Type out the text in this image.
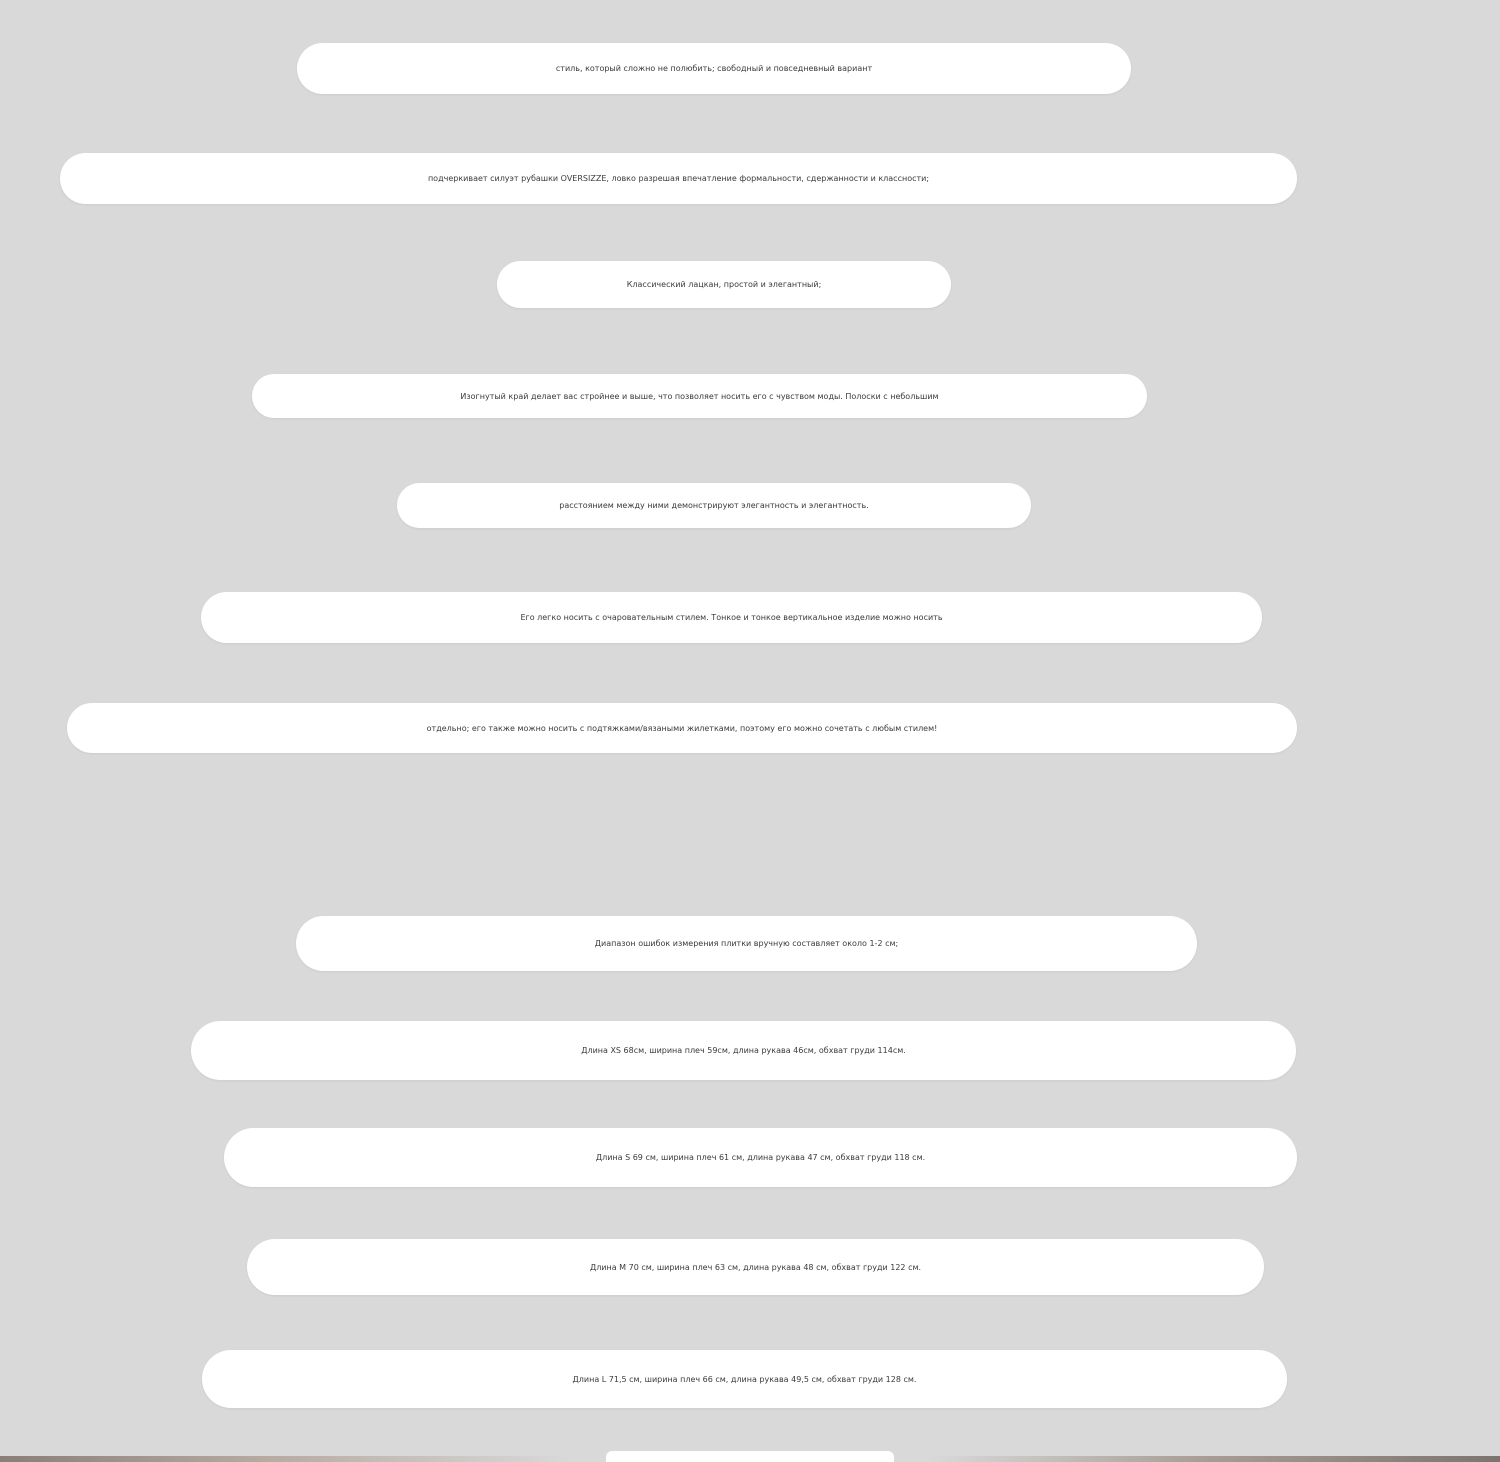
стиль, который сложно не полюбить; свободный и повседневный вариант
подчеркивает силуэт рубашки OVERSIZZE, ловко разрешая впечатление формальности, сдержанности и классности;
Классический лацкан, простой и элегантный;
Изогнутый край делает вас стройнее и выше, что позволяет носить его с чувством моды. Полоски с небольшим
расстоянием между ними демонстрируют элегантность и элегантность.
Его легко носить с очаровательным стилем. Тонкое и тонкое вертикальное изделие можно носить
отдельно; его также можно носить с подтяжками/вязаными жилетками, поэтому его можно сочетать с любым стилем!
Диапазон ошибок измерения плитки вручную составляет около 1-2 см;
Длина XS 68см, ширина плеч 59см, длина рукава 46см, обхват груди 114см.
Длина S 69 см, ширина плеч 61 см, длина рукава 47 см, обхват груди 118 см.
Длина M 70 см, ширина плеч 63 см, длина рукава 48 см, обхват груди 122 см.
Длина L 71,5 см, ширина плеч 66 см, длина рукава 49,5 см, обхват груди 128 см.
